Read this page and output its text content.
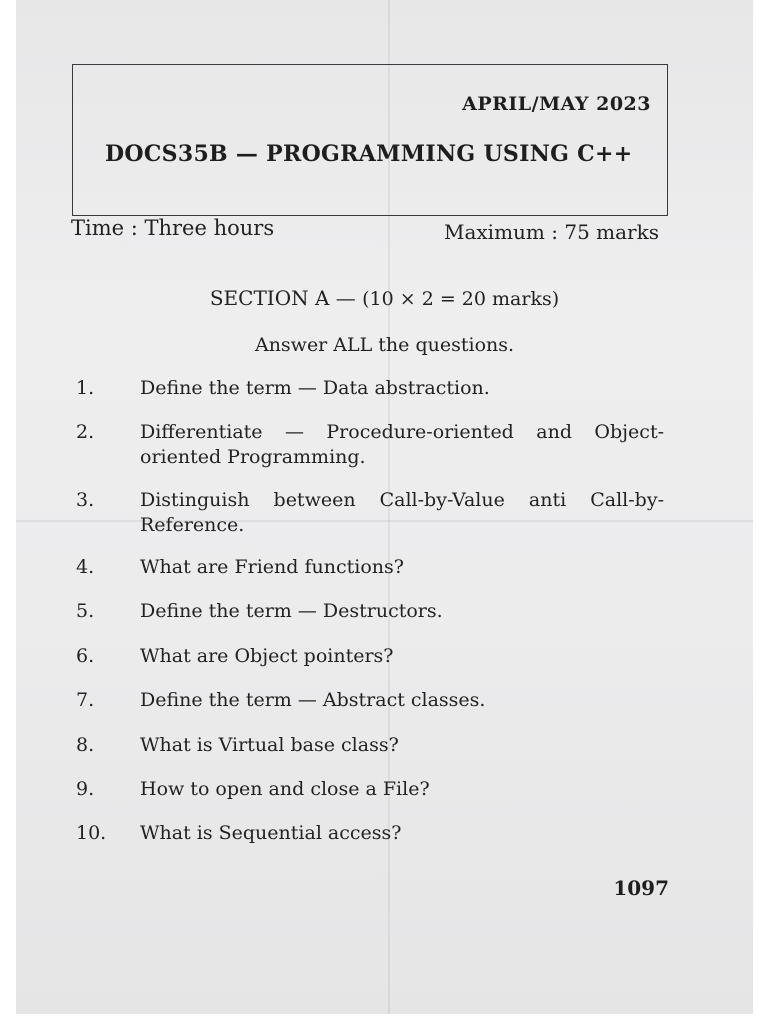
APRIL/MAY 2023
DOCS35B — PROGRAMMING USING C++
Time : Three hours	Maximum : 75 marks
SECTION A — (10 × 2 = 20 marks)
Answer ALL the questions.
1.	Define the term — Data abstraction.
2.	Differentiate — Procedure-oriented and Object-oriented Programming.
3.	Distinguish between Call-by-Value anti Call-by-Reference.
4.	What are Friend functions?
5.	Define the term — Destructors.
6.	What are Object pointers?
7.	Define the term — Abstract classes.
8.	What is Virtual base class?
9.	How to open and close a File?
10.	What is Sequential access?
1097
